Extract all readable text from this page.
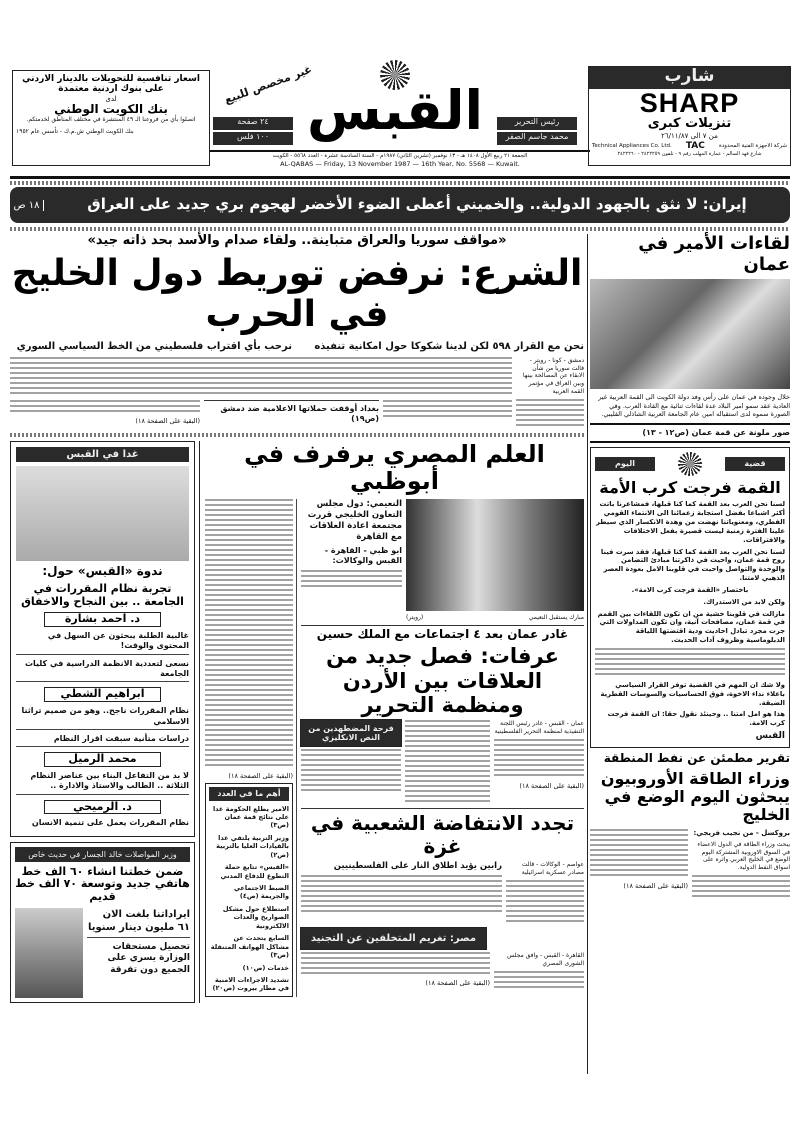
اسعار تنافسية للتحويلات بالدينار الاردني
على بنوك اردنية معتمدة
لدى
بنك الكويت الوطني
اتصلوا بأي من فروعنا الـ ٤٩ المنتشرة في مختلف المناطق لخدمتكم.
بنك الكويت الوطني ش.م.ك - تأسس عام ١٩٥٢
غير مخصص للبيع
٢٤ صفحة
١٠٠ فلس القبس	رئيس التحرير
محمد جاسم الصقر
الجمعة ٢١ ربيع الأول ١٤٠٨ هـ - ١٣ نوفمبر (تشرين الثاني) ١٩٨٧م - السنة السادسة عشرة - العدد ٥٥٦٨ - الكويت
AL-QABAS — Friday, 13 November 1987 — 16th Year, No. 5568 — Kuwait.
شارب
SHARP
تنزيلات كبرى
من ٧ الى ٢٦/١١/٨٧
Technical Appliances Co. Ltd. TAC	شركة الاجهزة الفنية المحدودة
شارع فهد السالم - عمارة المهلب رقم ٩ - تلفون ٢٤٢٢٢٥٩ - ٢٤٢٢٢٦٠
إيران: لا نثق بالجهود الدولية.. والخميني أعطى الضوء الأخضر لهجوم بري جديد على العراق
١٨ ص
لقاءات الأمير في عمان
خلال وجوده في عمان على رأس وفد دولة الكويت الى القمة العربية غير العادية عقد سمو امير البلاد عدة لقاءات ثنائية مع القادة العرب. وفي الصورة سموه لدى استقباله امين عام الجامعة العربية الشاذلي القليبي.
صور ملونة عن قمة عمان (ص١٢ - ١٣)
قضية
اليوم
القمة فرجت كرب الأمة
لسنا نحن العرب بعد القمة كما كنا قبلها، فمشاعرنا باتت أكثر اشباعا بفضل استجابة زعمائنا الى الانتماء القومي الفطري، ومعنوياتنا نهضت من وهدة الانكسار الذي سيطر علينا الفترة زمنية ليست قصيرة بفعل الاختلافات والافتراقات.
لسنا نحن العرب بعد القمة كما كنا قبلها، فقد سرت فينا روح قمة عمان، واحيت في ذاكرتنا مبادئ التضامن والوحدة والتواصل واحيت في قلوبنا الامل بعودة العصر الذهبي لامتنا.
باختصار «القمة فرجت كرب الامة».
ولكن لابد من الاستدراك.
مازالت في قلوبنا خشية من ان تكون اللقاءات بين القمم في قمة عمان، مصافحات آنية، وان تكون المداولات التي جرت مجرد تبادل احاديث ودية اقتضتها اللياقة الدبلوماسية وظروف آداب الحديث.
ولا شك ان المهم في القضية توفر القرار السياسي باعلاء نداء الاخوة، فوق الحساسيات والسوسات القطرية الضيقة.
هذا هو امل امتنا .. وحينئذ نقول حقا: ان القمة فرجت كرب الامة.
القبس
تقرير مطمئن عن نفط المنطقة
وزراء الطاقة الأوروبيون يبحثون اليوم الوضع في الخليج
بروكسل - من نجيب فريجي:
يبحث وزراء الطاقة في الدول الاعضاء في السوق الاوروبية المشتركة اليوم الوضع في الخليج العربي واثره على اسواق النفط الدولية.
(البقية على الصفحة ١٨)
«مواقف سوريا والعراق متباينة.. ولقاء صدام والأسد بحد ذاته جيد»
الشرع: نرفض توريط دول الخليج في الحرب
نحن مع القرار ٥٩٨ لكن لدينا شكوكا حول امكانية تنفيذه
نرحب بأي اقتراب فلسطيني من الخط السياسي السوري
دمشق - كونا - رويتر - قالت سوريا من شأن الابقاء عن المصالحة بينها وبين العراق في مؤتمر القمة العربية
بغداد أوقفت حملاتها الاعلامية ضد دمشق (ص١٩)
(البقية على الصفحة ١٨)
العلم المصري يرفرف في أبوظبي
مبارك يستقبل النعيمي
(رويتر)
النعيمي: دول مجلس التعاون الخليجي قررت مجتمعة اعادة العلاقات مع القاهرة
ابو ظبي - القاهرة - القبس والوكالات:
غادر عمان بعد ٤ اجتماعات مع الملك حسين
عرفات: فصل جديد من العلاقات بين الأردن ومنظمة التحرير
عمان - القبس - غادر رئيس اللجنة التنفيذية لمنظمة التحرير الفلسطينية
(البقية على الصفحة ١٨)
فرحة المضطهدين من النص الانكليزي
تجدد الانتفاضة الشعبية في غزة
عواصم - الوكالات - قالت مصادر عسكرية اسرائيلية
رابين يؤيد اطلاق النار على الفلسطينيين
مصر: تغريم المتخلفين عن التجنيد
القاهرة - القبس - وافق مجلس الشورى المصري
(البقية على الصفحة ١٨)
(البقية على الصفحة ١٨)
أهم ما في العدد
الامير يطلع الحكومة غدا على نتائج قمة عمان (ص٣)
وزير التربية يلتقي غدا بالقيادات العليا بالتربية (ص٢)
«القبس» تتابع حملة التطوع للدفاع المدني
الضبط الاجتماعي والجريمة (ص٤)
استطلاع حول مشكل الصواريخ والعدات الالكترونية
السابع يتحدث عن مشاكل الهواتف المتنقلة (ص٣)
خدمات (ص١٠)
تشديد الاجراءات الامنية في مطار بيروت (ص٢٠)
غدا في القبس
ندوة «القبس» حول:
تجربة نظام المقررات في الجامعة .. بين النجاح والاخفاق
د. احمد بشارة
غالبية الطلبة يبحثون عن السهل في المحتوى والوقت!
نسعى لتعددية الانظمة الدراسية في كليات الجامعة
ابراهيم الشطي
نظام المقررات ناجح.. وهو من صميم تراثنا الاسلامي
دراسات متأنية سبقت اقرار النظام
محمد الرميل
لا بد من التفاعل البناء بين عناصر النظام الثلاثة .. الطالب والاستاذ والادارة ..
د. الرميحي
نظام المقررات يعمل على تنمية الانسان
وزير المواصلات خالد الجسار في حديث خاص
ضمن خطتنا انشاء ٦٠ الف خط هاتفي جديد وتوسعة ٧٠ الف خط قديم
ايراداتنا بلغت الان ٦١ مليون دينار سنويا
تحصيل مستحقات الوزارة يسري على الجميع دون تفرقة
